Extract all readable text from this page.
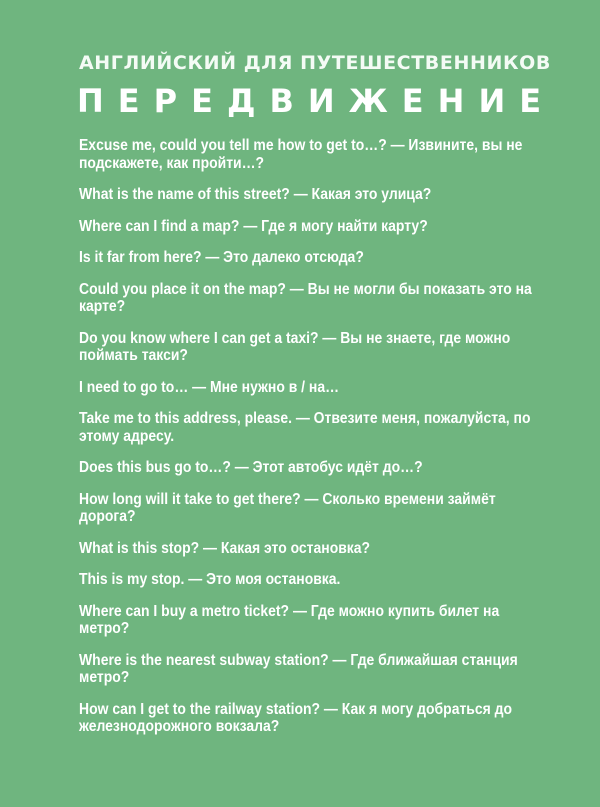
АНГЛИЙСКИЙ ДЛЯ ПУТЕШЕСТВЕННИКОВ
ПЕРЕДВИЖЕНИЕ
Excuse me, could you tell me how to get to…? — Извините, вы не подскажете, как пройти…?
What is the name of this street? — Какая это улица?
Where can I find a map? — Где я могу найти карту?
Is it far from here? — Это далеко отсюда?
Could you place it on the map? — Вы не могли бы показать это на карте?
Do you know where I can get a taxi? — Вы не знаете, где можно поймать такси?
I need to go to… — Мне нужно в / на…
Take me to this address, please. — Отвезите меня, пожалуйста, по этому адресу.
Does this bus go to…? — Этот автобус идёт до…?
How long will it take to get there? — Сколько времени займёт дорога?
What is this stop? — Какая это остановка?
This is my stop. — Это моя остановка.
Where can I buy a metro ticket? — Где можно купить билет на метро?
Where is the nearest subway station? — Где ближайшая станция метро?
How can I get to the railway station? — Как я могу добраться до железнодорожного вокзала?
